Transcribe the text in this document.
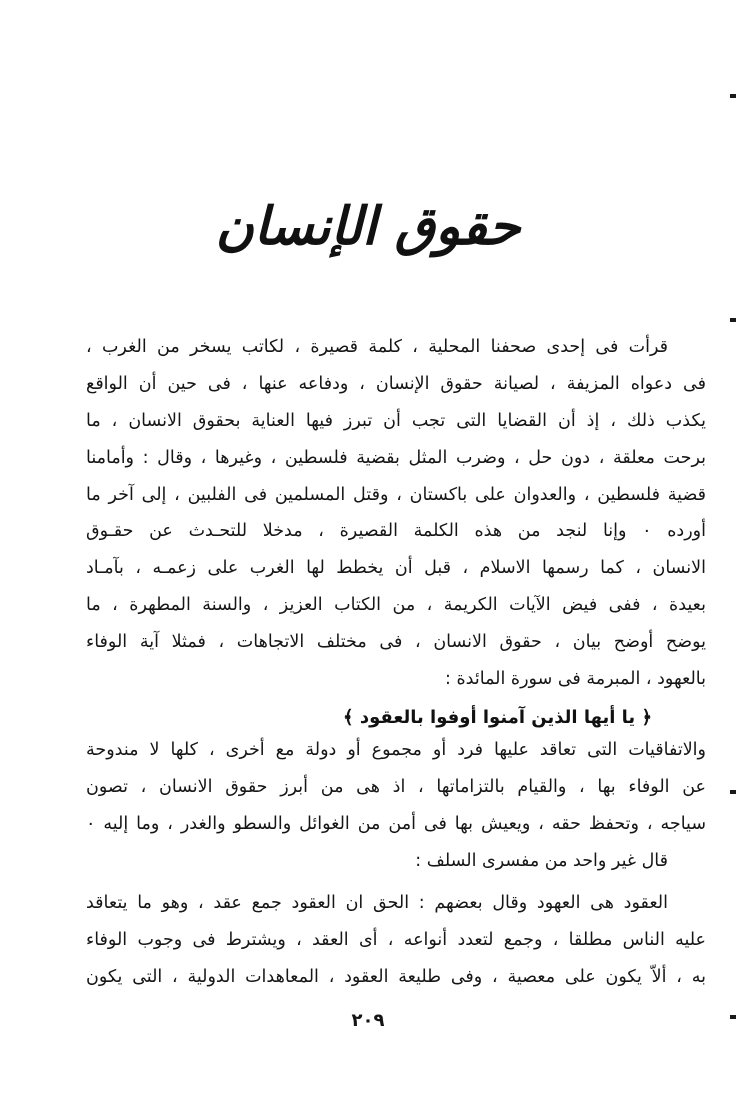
حقوق الإنسان
قرأت فى إحدى صحفنا المحلية ، كلمة قصيرة ، لكاتب يسخر من الغرب ،
فى دعواه المزيفة ، لصيانة حقوق الإنسان ، ودفاعه عنها ، فى حين أن الواقع
يكذب ذلك ، إذ أن القضايا التى تجب أن تبرز فيها العناية بحقوق الانسان ، ما
برحت معلقة ، دون حل ، وضرب المثل بقضية فلسطين ، وغيرها ، وقال : وأمامنا
قضية فلسطين ، والعدوان على باكستان ، وقتل المسلمين فى الفلبين ، إلى آخر ما
أورده ٠ وإنا لنجد من هذه الكلمة القصيرة ، مدخلا للتحـدث عن حقـوق
الانسان ، كما رسمها الاسلام ، قبل أن يخطط لها الغرب على زعمـه ، بآمـاد
بعيدة ، ففى فيض الآيات الكريمة ، من الكتاب العزيز ، والسنة المطهرة ، ما
يوضح أوضح بيان ، حقوق الانسان ، فى مختلف الاتجاهات ، فمثلا آية الوفاء
بالعهود ، المبرمة فى سورة المائدة :
﴿ يا أيها الذين آمنوا أوفوا بالعقود ﴾
والاتفاقيات التى تعاقد عليها فرد أو مجموع أو دولة مع أخرى ، كلها لا مندوحة
عن الوفاء بها ، والقيام بالتزاماتها ، اذ هى من أبرز حقوق الانسان ، تصون
سياجه ، وتحفظ حقه ، ويعيش بها فى أمن من الغوائل والسطو والغدر ، وما إليه ٠
قال غير واحد من مفسرى السلف :
العقود هى العهود وقال بعضهم : الحق ان العقود جمع عقد ، وهو ما يتعاقد
عليه الناس مطلقا ، وجمع لتعدد أنواعه ، أى العقد ، ويشترط فى وجوب الوفاء
به ، ألاّ يكون على معصية ، وفى طليعة العقود ، المعاهدات الدولية ، التى يكون
٢٠٩
